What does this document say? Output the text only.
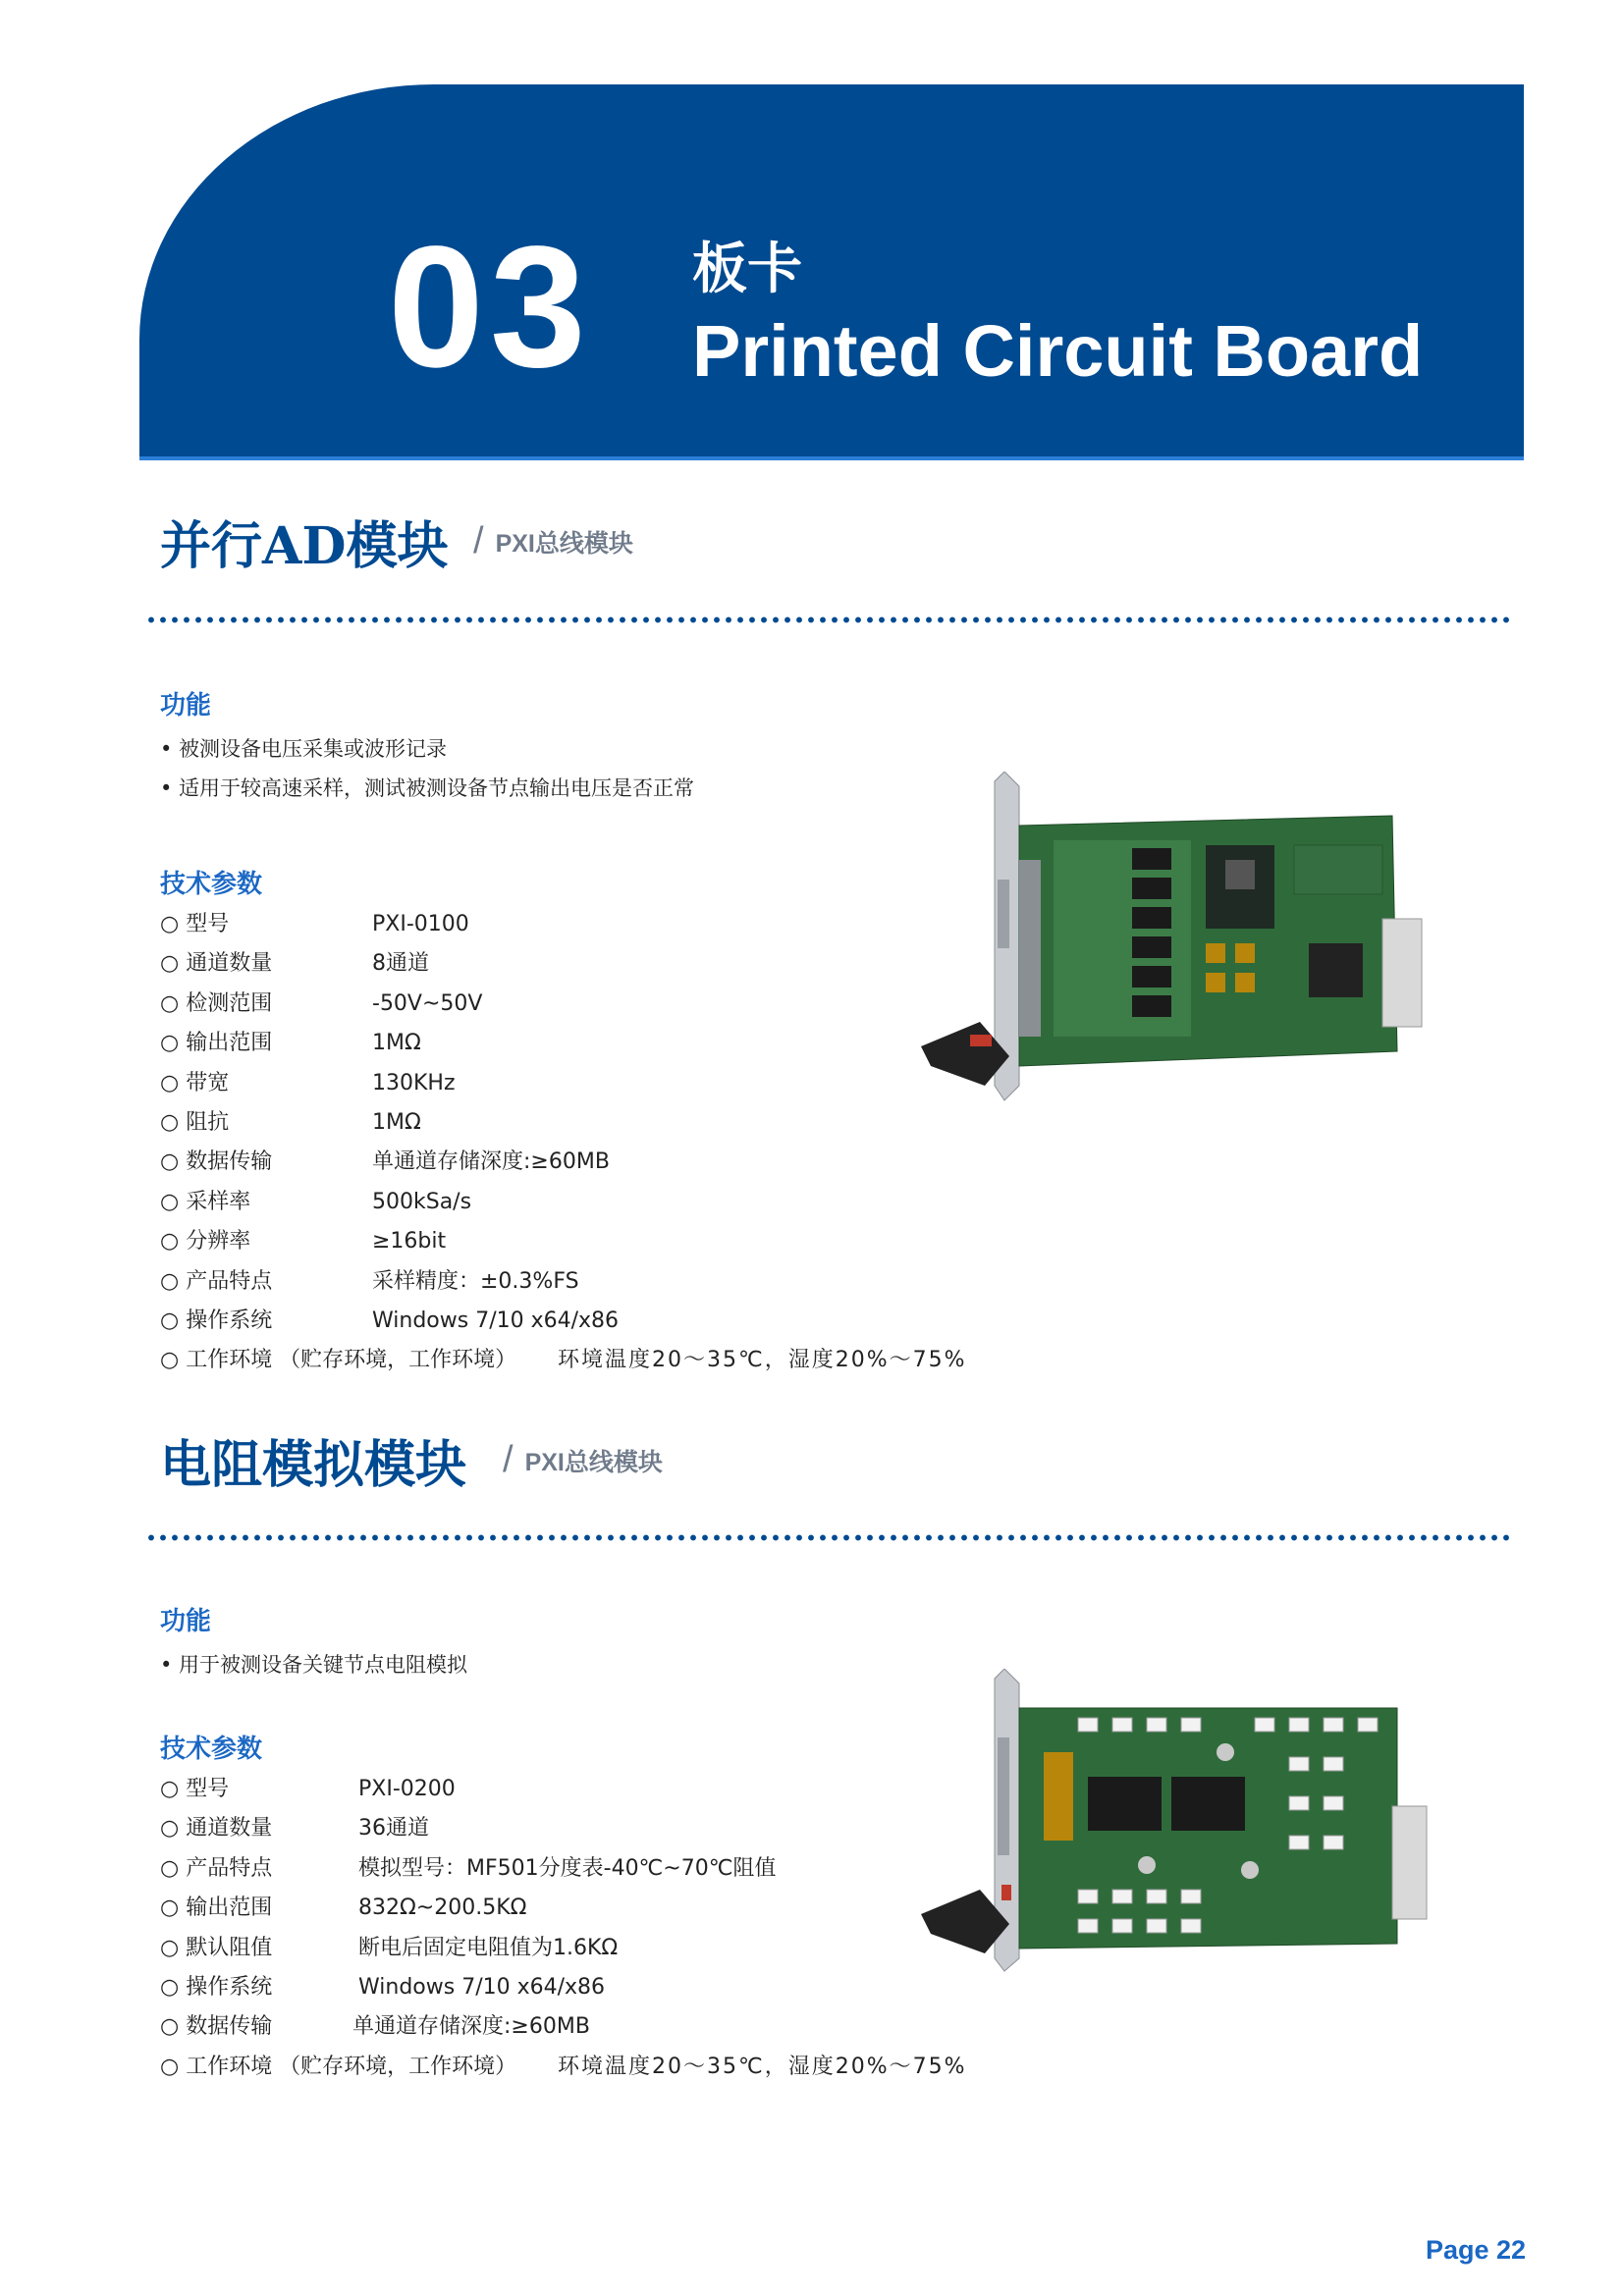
03 板卡
Printed Circuit Board
并行AD模块 / PXI总线模块
功能
• 被测设备电压采集或波形记录
• 适用于较高速采样，测试被测设备节点输出电压是否正常
技术参数
○ 型号	PXI-0100
○ 通道数量	8通道
○ 检测范围	-50V~50V
○ 输出范围	1MΩ
○ 带宽	130KHz
○ 阻抗	1MΩ
○ 数据传输	单通道存储深度:≥60MB
○ 采样率	500kSa/s
○ 分辨率	≥16bit
○ 产品特点	采样精度：±0.3%FS
○ 操作系统	Windows 7/10 x64/x86
○ 工作环境 （贮存环境，工作环境） 环境温度20～35℃，湿度20%～75%
电阻模拟模块 / PXI总线模块
功能
• 用于被测设备关键节点电阻模拟
技术参数
○ 型号	PXI-0200
○ 通道数量	36通道
○ 产品特点	模拟型号：MF501分度表-40℃~70℃阻值
○ 输出范围	832Ω~200.5KΩ
○ 默认阻值	断电后固定电阻值为1.6KΩ
○ 操作系统	Windows 7/10 x64/x86
○ 数据传输	单通道存储深度:≥60MB
○ 工作环境 （贮存环境，工作环境） 环境温度20～35℃，湿度20%～75%
Page 22
